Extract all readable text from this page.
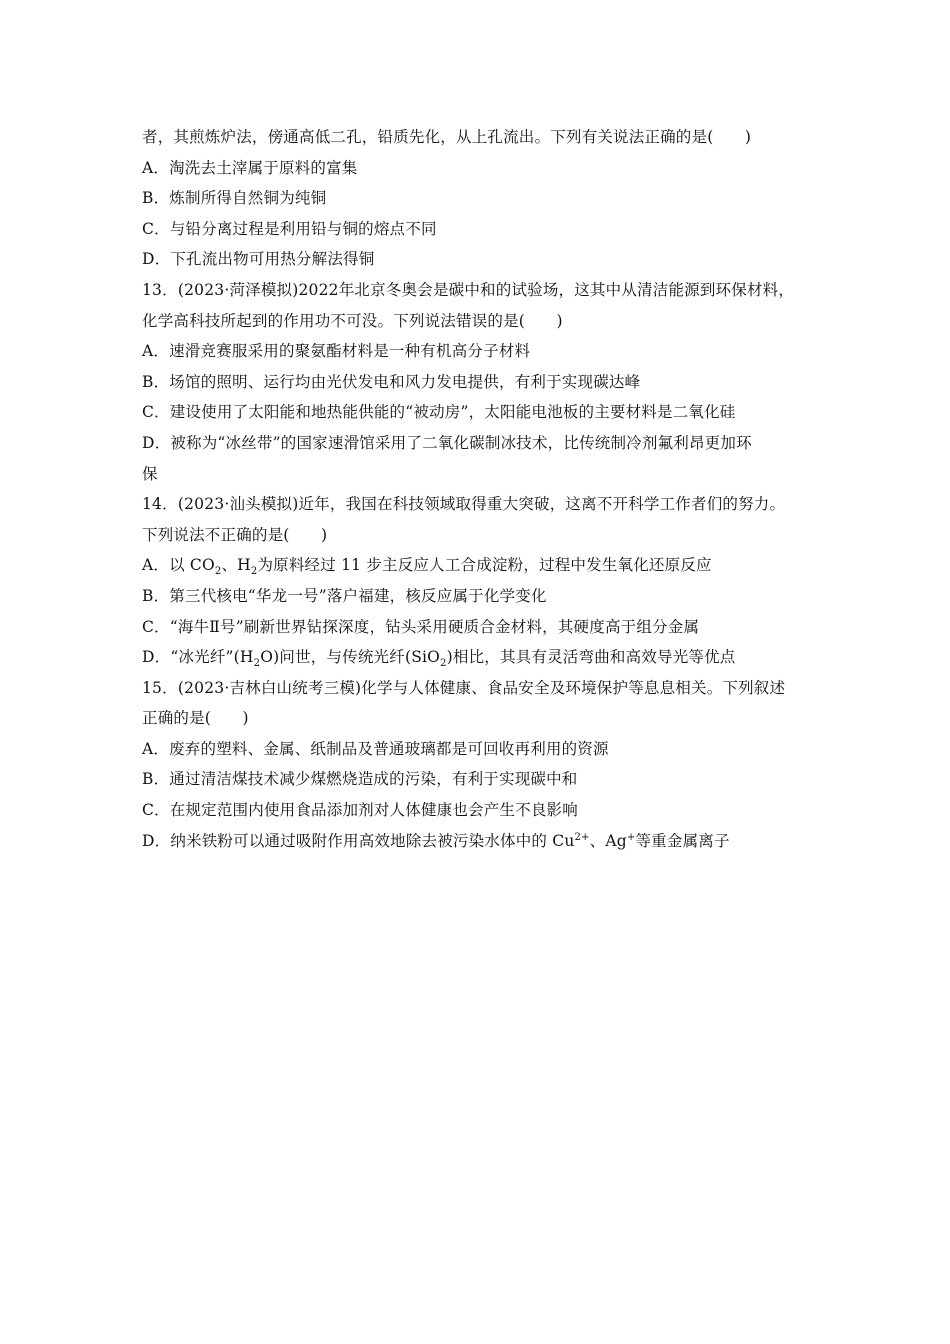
者，其煎炼炉法，傍通高低二孔，铅质先化，从上孔流出。下列有关说法正确的是(　　)
A．淘洗去土滓属于原料的富集
B．炼制所得自然铜为纯铜
C．与铅分离过程是利用铅与铜的熔点不同
D．下孔流出物可用热分解法得铜
13．(2023·菏泽模拟)2022年北京冬奥会是碳中和的试验场，这其中从清洁能源到环保材料，
化学高科技所起到的作用功不可没。下列说法错误的是(　　)
A．速滑竞赛服采用的聚氨酯材料是一种有机高分子材料
B．场馆的照明、运行均由光伏发电和风力发电提供，有利于实现碳达峰
C．建设使用了太阳能和地热能供能的“被动房”，太阳能电池板的主要材料是二氧化硅
D．被称为“冰丝带”的国家速滑馆采用了二氧化碳制冰技术，比传统制冷剂氟利昂更加环
保
14．(2023·汕头模拟)近年，我国在科技领域取得重大突破，这离不开科学工作者们的努力。
下列说法不正确的是(　　)
A．以 $CO_2$、$H_2$为原料经过 11 步主反应人工合成淀粉，过程中发生氧化还原反应
B．第三代核电“华龙一号”落户福建，核反应属于化学变化
C．“海牛Ⅱ号”刷新世界钻探深度，钻头采用硬质合金材料，其硬度高于组分金属
D．“冰光纤$”(H_2O)$问世，与传统光纤(SiO$_2$)相比，其具有灵活弯曲和高效导光等优点
15．(2023·吉林白山统考三模)化学与人体健康、食品安全及环境保护等息息相关。下列叙述
正确的是(　　)
A．废弃的塑料、金属、纸制品及普通玻璃都是可回收再利用的资源
B．通过清洁煤技术减少煤燃烧造成的污染，有利于实现碳中和
C．在规定范围内使用食品添加剂对人体健康也会产生不良影响
D．纳米铁粉可以通过吸附作用高效地除去被污染水体中的 $Cu^{2+}$、Ag+等重金属离子
